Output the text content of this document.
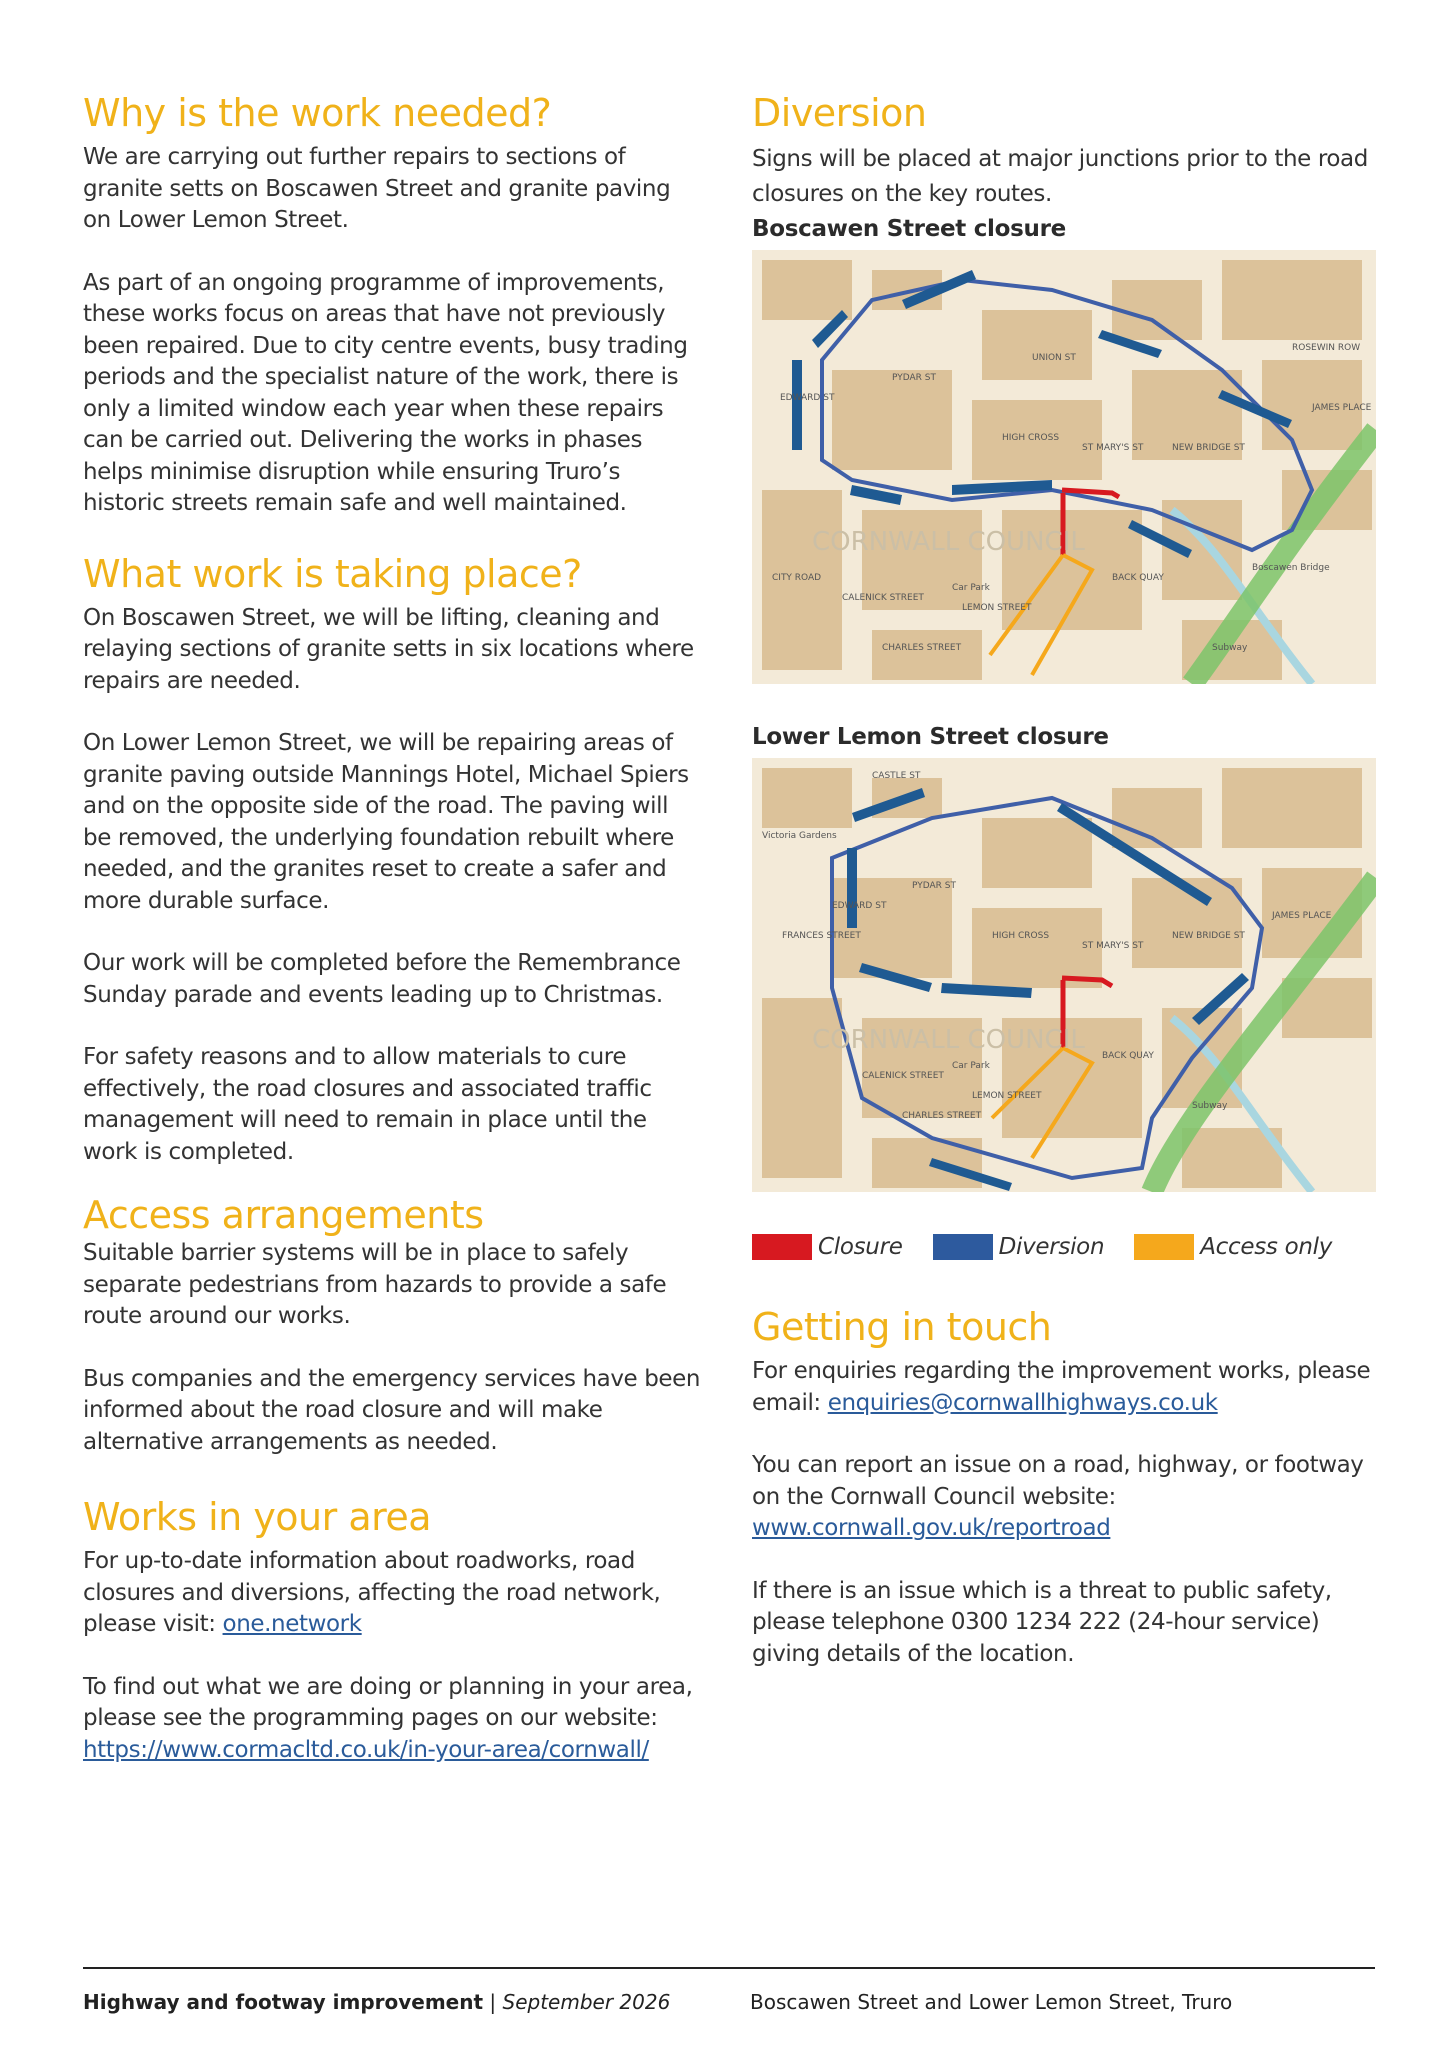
Why is the work needed?

We are carrying out further repairs to sections of granite setts on Boscawen Street and granite paving on Lower Lemon Street.

As part of an ongoing programme of improvements, these works focus on areas that have not previously been repaired. Due to city centre events, busy trading periods and the specialist nature of the work, there is only a limited window each year when these repairs can be carried out. Delivering the works in phases helps minimise disruption while ensuring Truro’s historic streets remain safe and well maintained.

What work is taking place?

On Boscawen Street, we will be lifting, cleaning and relaying sections of granite setts in six locations where repairs are needed.

On Lower Lemon Street, we will be repairing areas of granite paving outside Mannings Hotel, Michael Spiers and on the opposite side of the road. The paving will be removed, the underlying foundation rebuilt where needed, and the granites reset to create a safer and more durable surface.

Our work will be completed before the Remembrance Sunday parade and events leading up to Christmas.

For safety reasons and to allow materials to cure effectively, the road closures and associated traffic management will need to remain in place until the work is completed.

Access arrangements

Suitable barrier systems will be in place to safely separate pedestrians from hazards to provide a safe route around our works.

Bus companies and the emergency services have been informed about the road closure and will make alternative arrangements as needed.

Works in your area

For up-to-date information about roadworks, road closures and diversions, affecting the road network, please visit: one.network

To find out what we are doing or planning in your area, please see the programming pages on our website: https://www.cormacltd.co.uk/in-your-area/cornwall/

Diversion

Signs will be placed at major junctions prior to the road closures on the key routes.

Boscawen Street closure
CORNWALL COUNCIL
EDWARD ST
PYDAR ST
HIGH CROSS
ST MARY'S ST	NEW BRIDGE ST
BACK QUAY
CHARLES STREET
CITY ROAD
LEMON STREET
UNION ST
CALENICK STREET
Car Park
Boscawen Bridge
Subway
JAMES PLACE
ROSEWIN ROW
Lower Lemon Street closure
CORNWALL COUNCIL
CASTLE ST
EDWARD ST
PYDAR ST
HIGH CROSS
ST MARY'S ST
NEW BRIDGE ST
BACK QUAY
CHARLES STREET
LEMON STREET
FRANCES STREET
CALENICK STREET
Car Park
Subway
Victoria Gardens
JAMES PLACE
Closure	Diversion	Access only
Getting in touch

For enquiries regarding the improvement works, please email: enquiries@cornwallhighways.co.uk

You can report an issue on a road, highway, or footway on the Cornwall Council website: www.cornwall.gov.uk/reportroad

If there is an issue which is a threat to public safety, please telephone 0300 1234 222 (24-hour service) giving details of the location.

Highway and footway improvement | September 2026	Boscawen Street and Lower Lemon Street, Truro
